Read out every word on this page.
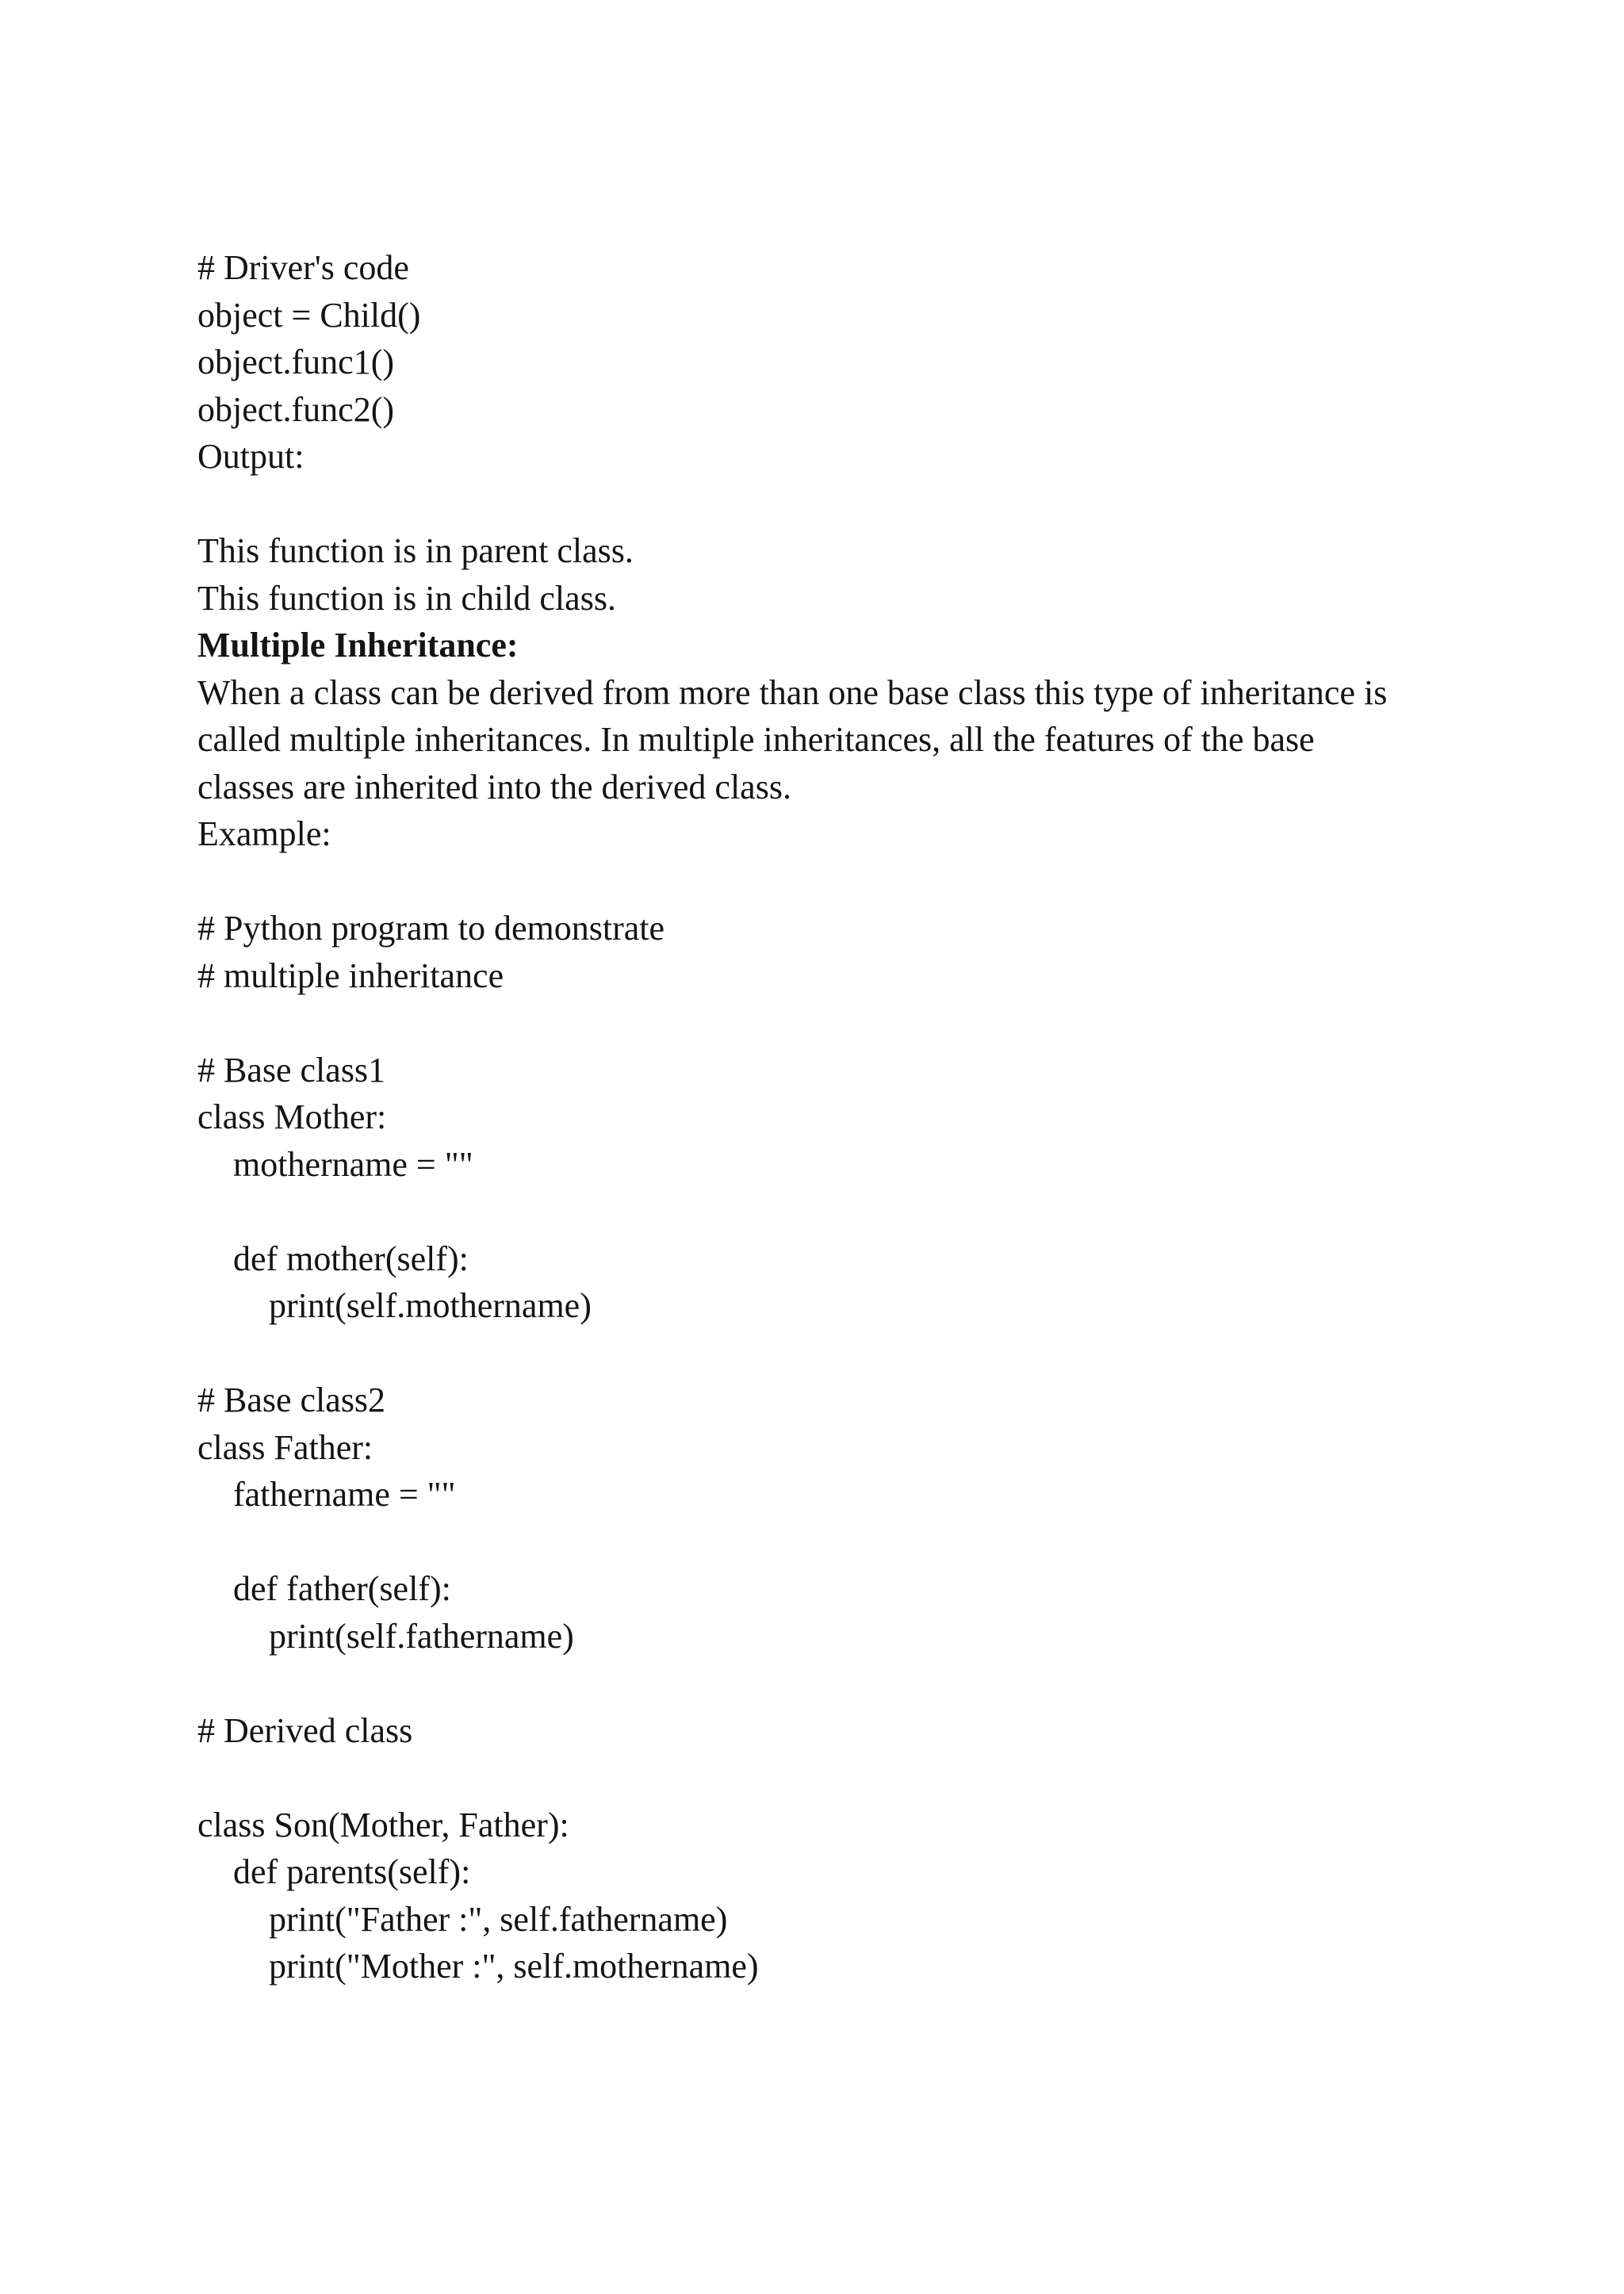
# Driver's code
object = Child()
object.func1()
object.func2()
Output:
This function is in parent class.
This function is in child class.
Multiple Inheritance:
When a class can be derived from more than one base class this type of inheritance is
called multiple inheritances. In multiple inheritances, all the features of the base
classes are inherited into the derived class.
Example:
# Python program to demonstrate
# multiple inheritance
# Base class1
class Mother:
mothername = ""
def mother(self):
print(self.mothername)
# Base class2
class Father:
fathername = ""
def father(self):
print(self.fathername)
# Derived class
class Son(Mother, Father):
def parents(self):
print("Father :", self.fathername)
print("Mother :", self.mothername)
